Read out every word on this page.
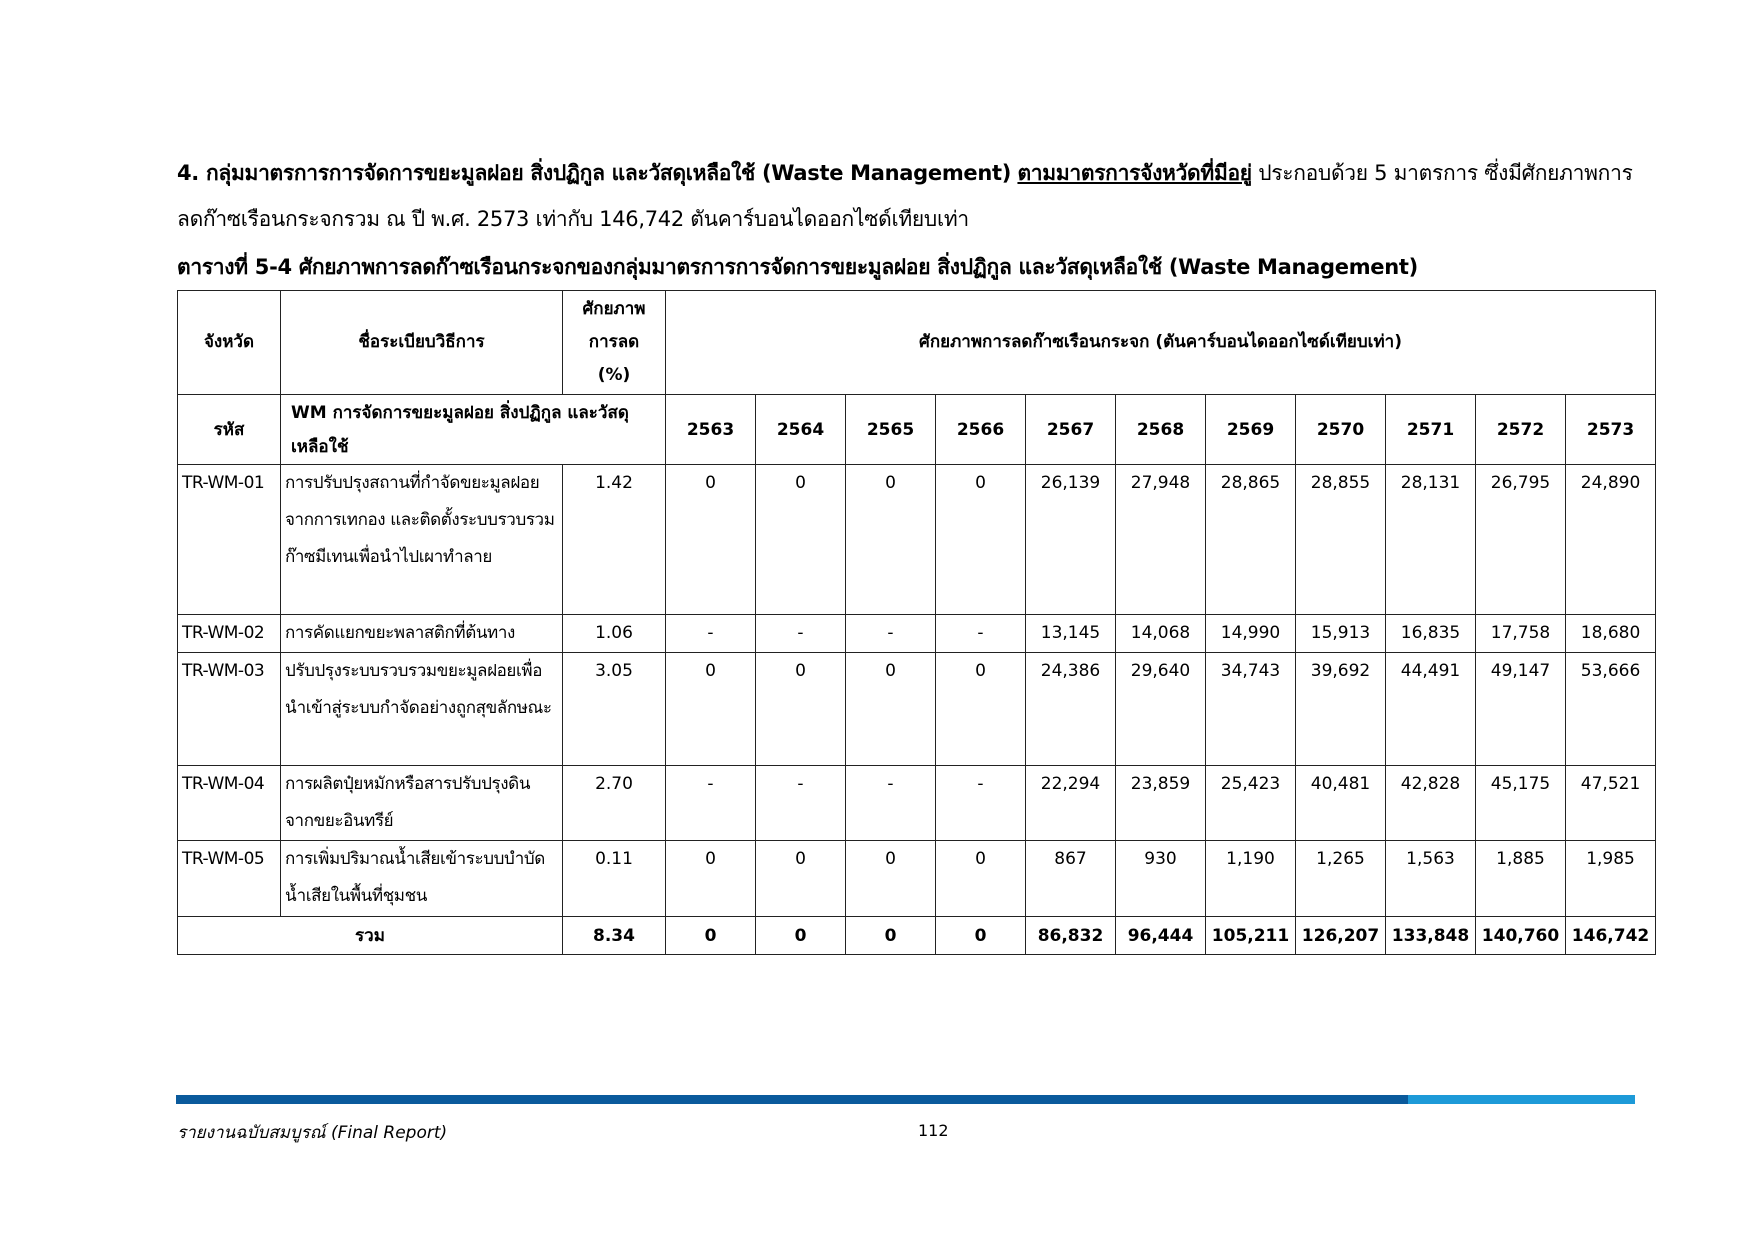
4. กลุ่มมาตรการการจัดการขยะมูลฝอย สิ่งปฏิกูล และวัสดุเหลือใช้ (Waste Management) ตามมาตรการจังหวัดที่มีอยู่ ประกอบด้วย 5 มาตรการ ซึ่งมีศักยภาพการลดก๊าซเรือนกระจกรวม ณ ปี พ.ศ. 2573 เท่ากับ 146,742 ตันคาร์บอนไดออกไซด์เทียบเท่า
ตารางที่ 5-4 ศักยภาพการลดก๊าซเรือนกระจกของกลุ่มมาตรการการจัดการขยะมูลฝอย สิ่งปฏิกูล และวัสดุเหลือใช้ (Waste Management)
จังหวัด	ชื่อระเบียบวิธีการ	ศักยภาพ
การลด
(%)	ศักยภาพการลดก๊าซเรือนกระจก (ตันคาร์บอนไดออกไซด์เทียบเท่า)										
รหัส	WM การจัดการขยะมูลฝอย สิ่งปฏิกูล และวัสดุเหลือใช้		2563	2564	2565	2566	2567	2568	2569	2570	2571	2572	2573
TR-WM-01	การปรับปรุงสถานที่กำจัดขยะมูลฝอยจากการเทกอง และติดตั้งระบบรวบรวมก๊าซมีเทนเพื่อนำไปเผาทำลาย	1.42	0	0	0	0	26,139	27,948	28,865	28,855	28,131	26,795	24,890
TR-WM-02	การคัดแยกขยะพลาสติกที่ต้นทาง	1.06	-	-	-	-	13,145	14,068	14,990	15,913	16,835	17,758	18,680
TR-WM-03	ปรับปรุงระบบรวบรวมขยะมูลฝอยเพื่อนำเข้าสู่ระบบกำจัดอย่างถูกสุขลักษณะ	3.05	0	0	0	0	24,386	29,640	34,743	39,692	44,491	49,147	53,666
TR-WM-04	การผลิตปุ๋ยหมักหรือสารปรับปรุงดินจากขยะอินทรีย์	2.70	-	-	-	-	22,294	23,859	25,423	40,481	42,828	45,175	47,521
TR-WM-05	การเพิ่มปริมาณน้ำเสียเข้าระบบบำบัดน้ำเสียในพื้นที่ชุมชน	0.11	0	0	0	0	867	930	1,190	1,265	1,563	1,885	1,985
รวม		8.34	0	0	0	0	86,832	96,444	105,211	126,207	133,848	140,760	146,742
รายงานฉบับสมบูรณ์ (Final Report)	112
